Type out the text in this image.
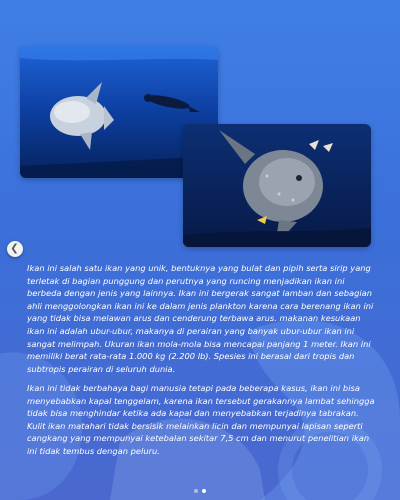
❮

Ikan ini salah satu ikan yang unik, bentuknya yang bulat dan pipih serta sirip yang terletak di bagian punggung dan perutnya yang runcing menjadikan ikan ini berbeda dengan jenis yang lainnya. Ikan ini bergerak sangat lamban dan sebagian ahli menggolongkan ikan ini ke dalam jenis plankton karena cara berenang ikan ini yang tidak bisa melawan arus dan cenderung terbawa arus. makanan kesukaan ikan ini adalah ubur-ubur, makanya di perairan yang banyak ubur-ubur ikan ini sangat melimpah. Ukuran ikan mola-mola bisa mencapai panjang 1 meter. Ikan ini memiliki berat rata-rata 1.000 kg (2.200 lb). Spesies ini berasal dari tropis dan subtropis perairan di seluruh dunia.

Ikan ini tidak berbahaya bagi manusia tetapi pada beberapa kasus, ikan ini bisa menyebabkan kapal tenggelam, karena ikan tersebut gerakannya lambat sehingga tidak bisa menghindar ketika ada kapal dan menyebabkan terjadinya tabrakan. Kulit ikan matahari tidak bersisik melainkan licin dan mempunyai lapisan seperti cangkang yang mempunyai ketebalan sekitar 7,5 cm dan menurut penelitian ikan ini tidak tembus dengan peluru.
